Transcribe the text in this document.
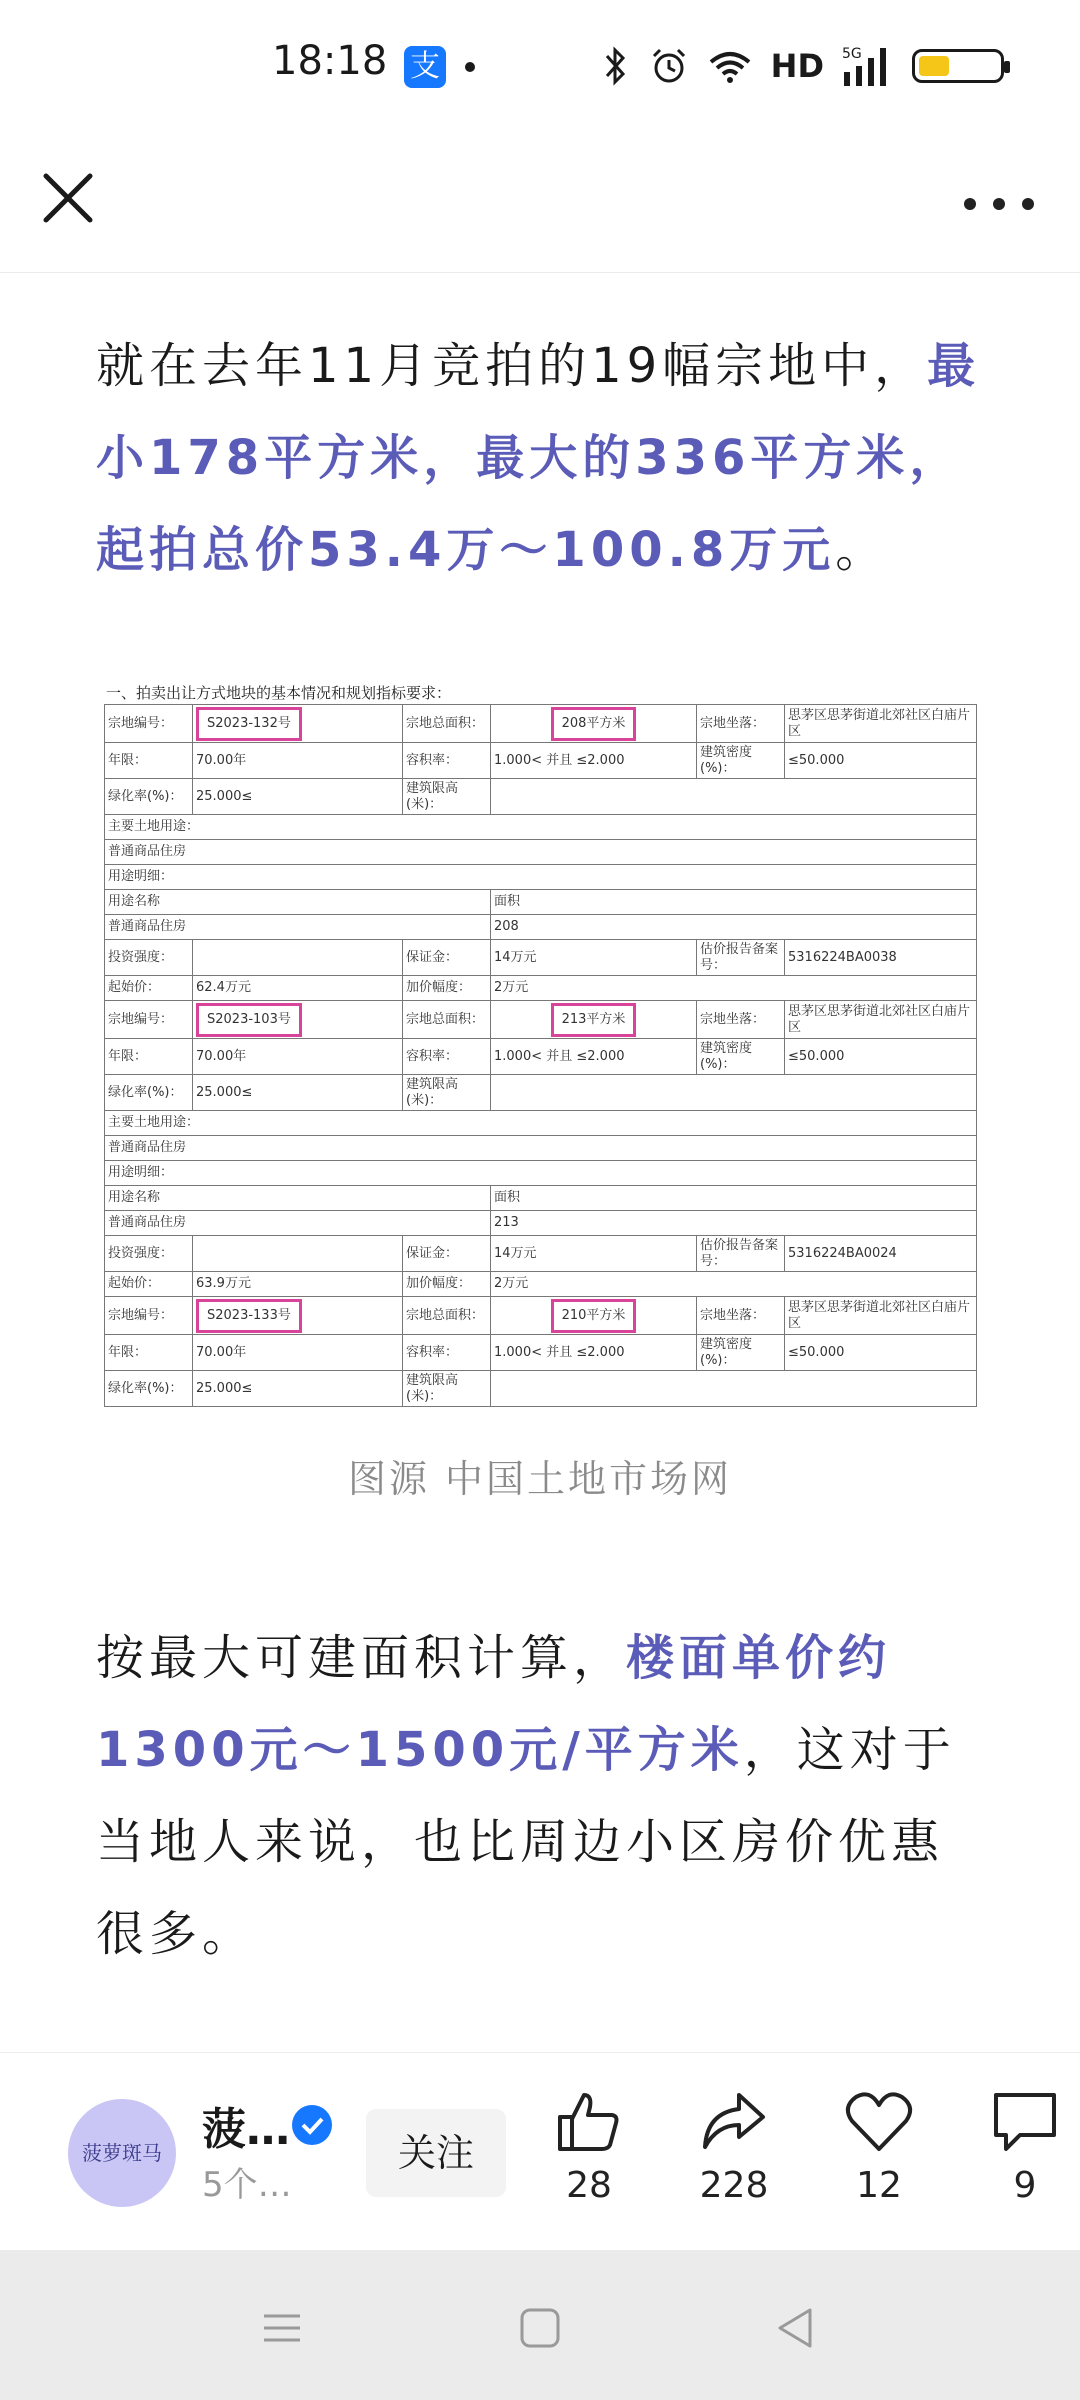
18:18 支	HD 5G
就在去年11月竞拍的19幅宗地中，最小178平方米，最大的336平方米，起拍总价53.4万～100.8万元。
一、拍卖出让方式地块的基本情况和规划指标要求：
宗地编号：	S2023-132号	宗地总面积：	208平方米	宗地坐落：	思茅区思茅街道北郊社区白庙片区
年限：	70.00年	容积率：	1.000< 并且 ≤2.000	建筑密度(%)：	≤50.000
绿化率(%)：	25.000≤	建筑限高(米)：			
主要土地用途：					
普通商品住房					
用途明细：					
用途名称			面积		
普通商品住房			208		
投资强度：		保证金：	14万元	估价报告备案号：	5316224BA0038
起始价：	62.4万元	加价幅度：	2万元		
宗地编号：	S2023-103号	宗地总面积：	213平方米	宗地坐落：	思茅区思茅街道北郊社区白庙片区
年限：	70.00年	容积率：	1.000< 并且 ≤2.000	建筑密度(%)：	≤50.000
绿化率(%)：	25.000≤	建筑限高(米)：			
主要土地用途：					
普通商品住房					
用途明细：					
用途名称			面积		
普通商品住房			213		
投资强度：		保证金：	14万元	估价报告备案号：	5316224BA0024
起始价：	63.9万元	加价幅度：	2万元		
宗地编号：	S2023-133号	宗地总面积：	210平方米	宗地坐落：	思茅区思茅街道北郊社区白庙片区
年限：	70.00年	容积率：	1.000< 并且 ≤2.000	建筑密度(%)：	≤50.000
绿化率(%)：	25.000≤	建筑限高(米)：			
图源 中国土地市场网
按最大可建面积计算，楼面单价约1300元～1500元/平方米，这对于当地人来说，也比周边小区房价优惠很多。
菠萝斑马 菠…
5个…
关注
28	228	12	9
